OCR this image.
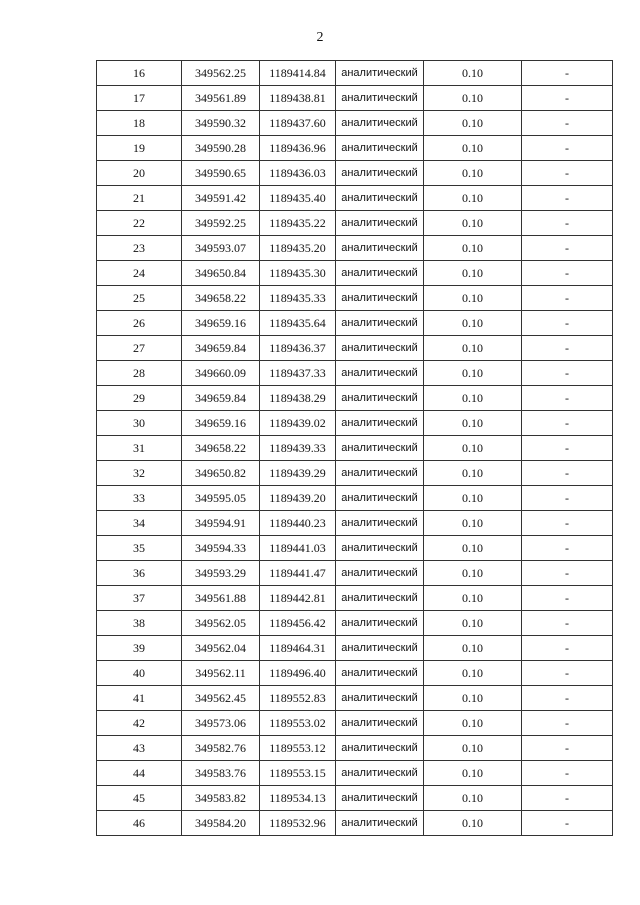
2
16	349562.25	1189414.84	аналитический	0.10	-
17	349561.89	1189438.81	аналитический	0.10	-
18	349590.32	1189437.60	аналитический	0.10	-
19	349590.28	1189436.96	аналитический	0.10	-
20	349590.65	1189436.03	аналитический	0.10	-
21	349591.42	1189435.40	аналитический	0.10	-
22	349592.25	1189435.22	аналитический	0.10	-
23	349593.07	1189435.20	аналитический	0.10	-
24	349650.84	1189435.30	аналитический	0.10	-
25	349658.22	1189435.33	аналитический	0.10	-
26	349659.16	1189435.64	аналитический	0.10	-
27	349659.84	1189436.37	аналитический	0.10	-
28	349660.09	1189437.33	аналитический	0.10	-
29	349659.84	1189438.29	аналитический	0.10	-
30	349659.16	1189439.02	аналитический	0.10	-
31	349658.22	1189439.33	аналитический	0.10	-
32	349650.82	1189439.29	аналитический	0.10	-
33	349595.05	1189439.20	аналитический	0.10	-
34	349594.91	1189440.23	аналитический	0.10	-
35	349594.33	1189441.03	аналитический	0.10	-
36	349593.29	1189441.47	аналитический	0.10	-
37	349561.88	1189442.81	аналитический	0.10	-
38	349562.05	1189456.42	аналитический	0.10	-
39	349562.04	1189464.31	аналитический	0.10	-
40	349562.11	1189496.40	аналитический	0.10	-
41	349562.45	1189552.83	аналитический	0.10	-
42	349573.06	1189553.02	аналитический	0.10	-
43	349582.76	1189553.12	аналитический	0.10	-
44	349583.76	1189553.15	аналитический	0.10	-
45	349583.82	1189534.13	аналитический	0.10	-
46	349584.20	1189532.96	аналитический	0.10	-
